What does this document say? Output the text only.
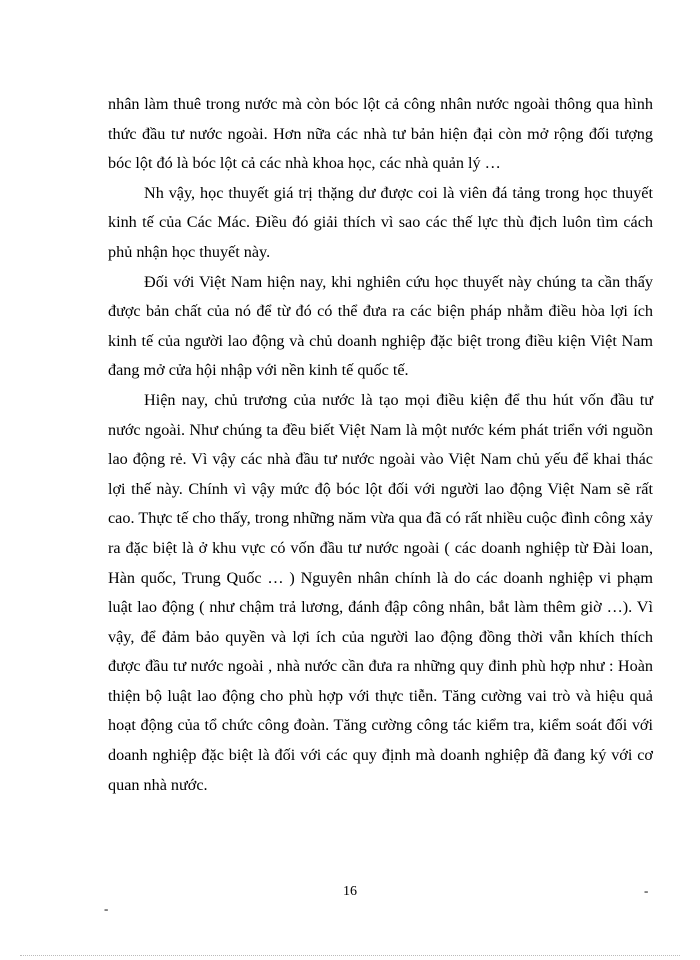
nhân làm thuê trong nước mà còn bóc lột cả công nhân nước ngoài thông qua hình thức đầu tư nước ngoài. Hơn nữa các nhà tư bản hiện đại còn mở rộng đối tượng bóc lột đó là bóc lột cả các nhà khoa học, các nhà quản lý …

Nh vậy, học thuyết giá trị thặng dư được coi là viên đá tảng trong học thuyết kinh tế của Các Mác. Điều đó giải thích vì sao các thế lực thù địch luôn tìm cách phủ nhận học thuyết này.

Đối với Việt Nam hiện nay, khi nghiên cứu học thuyết này chúng ta cần thấy được bản chất của nó để từ đó có thể đưa ra các biện pháp nhằm điều hòa lợi ích kinh tế của người lao động và chủ doanh nghiệp đặc biệt trong điều kiện Việt Nam đang mở cửa hội nhập với nền kinh tế quốc tế.

Hiện nay, chủ trương của nước là tạo mọi điều kiện để thu hút vốn đầu tư nước ngoài. Như chúng ta đều biết Việt Nam là một nước kém phát triển với nguồn lao động rẻ. Vì vậy các nhà đầu tư nước ngoài vào Việt Nam chủ yếu để khai thác lợi thế này. Chính vì vậy mức độ bóc lột đối với người lao động Việt Nam sẽ rất cao. Thực tế cho thấy, trong những năm vừa qua đã có rất nhiều cuộc đình công xảy ra đặc biệt là ở khu vực có vốn đầu tư nước ngoài ( các doanh nghiệp từ Đài loan, Hàn quốc, Trung Quốc … ) Nguyên nhân chính là do các doanh nghiệp vi phạm luật lao động ( như chậm trả lương, đánh đập công nhân, bắt làm thêm giờ …). Vì vậy, để đảm bảo quyền và lợi ích của người lao động đồng thời vẫn khích thích được đầu tư nước ngoài , nhà nước cần đưa ra những quy đinh phù hợp như : Hoàn thiện bộ luật lao động cho phù hợp với thực tiễn. Tăng cường vai trò và hiệu quả hoạt động của tổ chức công đoàn. Tăng cường công tác kiểm tra, kiểm soát đối với doanh nghiệp đặc biệt là đối với các quy định mà doanh nghiệp đã đang ký với cơ quan nhà nước.

16	-
-
